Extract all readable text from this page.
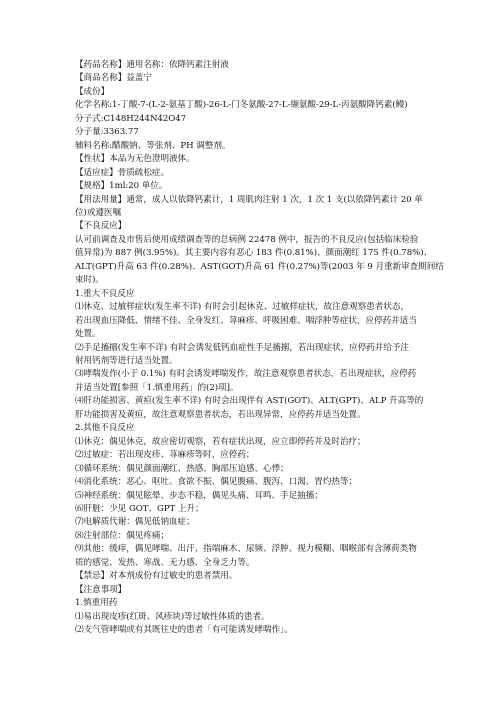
【药品名称】通用名称：依降钙素注射液
【商品名称】益盖宁
【成份】
化学名称:1-丁酸-7-(L-2-氨基丁酸)-26-L-门冬氨酸-27-L-缬氨酸-29-L-丙氨酸降钙素(鳗)
分子式:C148H244N42O47
分子量:3363.77
辅料名称:醋酸钠、等张剂、PH 调整剂。
【性状】本品为无色澄明液体。
【适应症】骨质疏松症。
【规格】1ml:20 单位。
【用法用量】通常，成人以依降钙素计，1 周肌肉注射 1 次，1 次 1 支(以依降钙素计 20 单
位)或遵医嘱
【不良反应】
认可前调查及市售后使用成绩调查等的总病例 22478 例中，报告的不良反应(包括临床检验
值异常)为 887 例(3.95%)。其主要内容有恶心 183 件(0.81%)、颜面潮红 175 件(0.78%)、
ALT(GPT)升高 63 件(0.28%)、AST(GOT)升高 61 件(0.27%)等(2003 年 9 月重新审查期间结
束时)。
1.重大不良反应
⑴休克、过敏样症状(发生率不详) 有时会引起休克、过敏样症状，故注意观察患者状态，
若出现血压降低、情绪不佳、全身发红、荨麻疹、呼吸困难、咽浮肿等症状，应停药并适当
处置。
⑵手足搐搦(发生率不详) 有时会诱发低钙血症性手足搐搦，若出现症状，应停药并给予注
射用钙剂等进行适当处置。
⑶哮喘发作(小于 0.1%) 有时会诱发哮喘发作，故注意观察患者状态，若出现症状，应停药
并适当处置[参照「1.慎重用药」的(2)项]。
⑷肝功能损害、黄疸(发生率不详) 有时会出现伴有 AST(GOT)、ALT(GPT)、ALP 升高等的
肝功能损害及黄疸，故注意观察患者状态，若出现异常，应停药并适当处置。
2.其他不良反应
⑴休克：偶见休克，故应密切观察，若有症状出现，应立即停药并及时治疗；
⑵过敏症：若出现皮疹、荨麻疹等时，应停药；
⑶循环系统：偶见颜面潮红、热感、胸部压迫感、心悸；
⑷消化系统：恶心、呕吐、食欲不振、偶见腹痛、腹泻、口渴、胃灼热等；
⑸神经系统：偶见眩晕、步态不稳，偶见头痛、耳鸣、手足抽搐；
⑹肝脏：少见 GOT、GPT 上升；
⑺电解质代谢：偶见低钠血症；
⑻注射部位：偶见疼痛；
⑼其他：缓痒，偶见哮喘、出汗、指端麻木、尿频、浮肿、视力模糊、咽喉部有含薄荷类物
质的感觉、发热、寒战、无力感、全身乏力等。
【禁忌】对本剂成份有过敏史的患者禁用。
【注意事项】
1.慎重用药
⑴易出现皮疹(红斑、风疹块)等过敏性体质的患者。
⑵支气管哮喘或有其既往史的患者「有可能诱发哮喘作」。
